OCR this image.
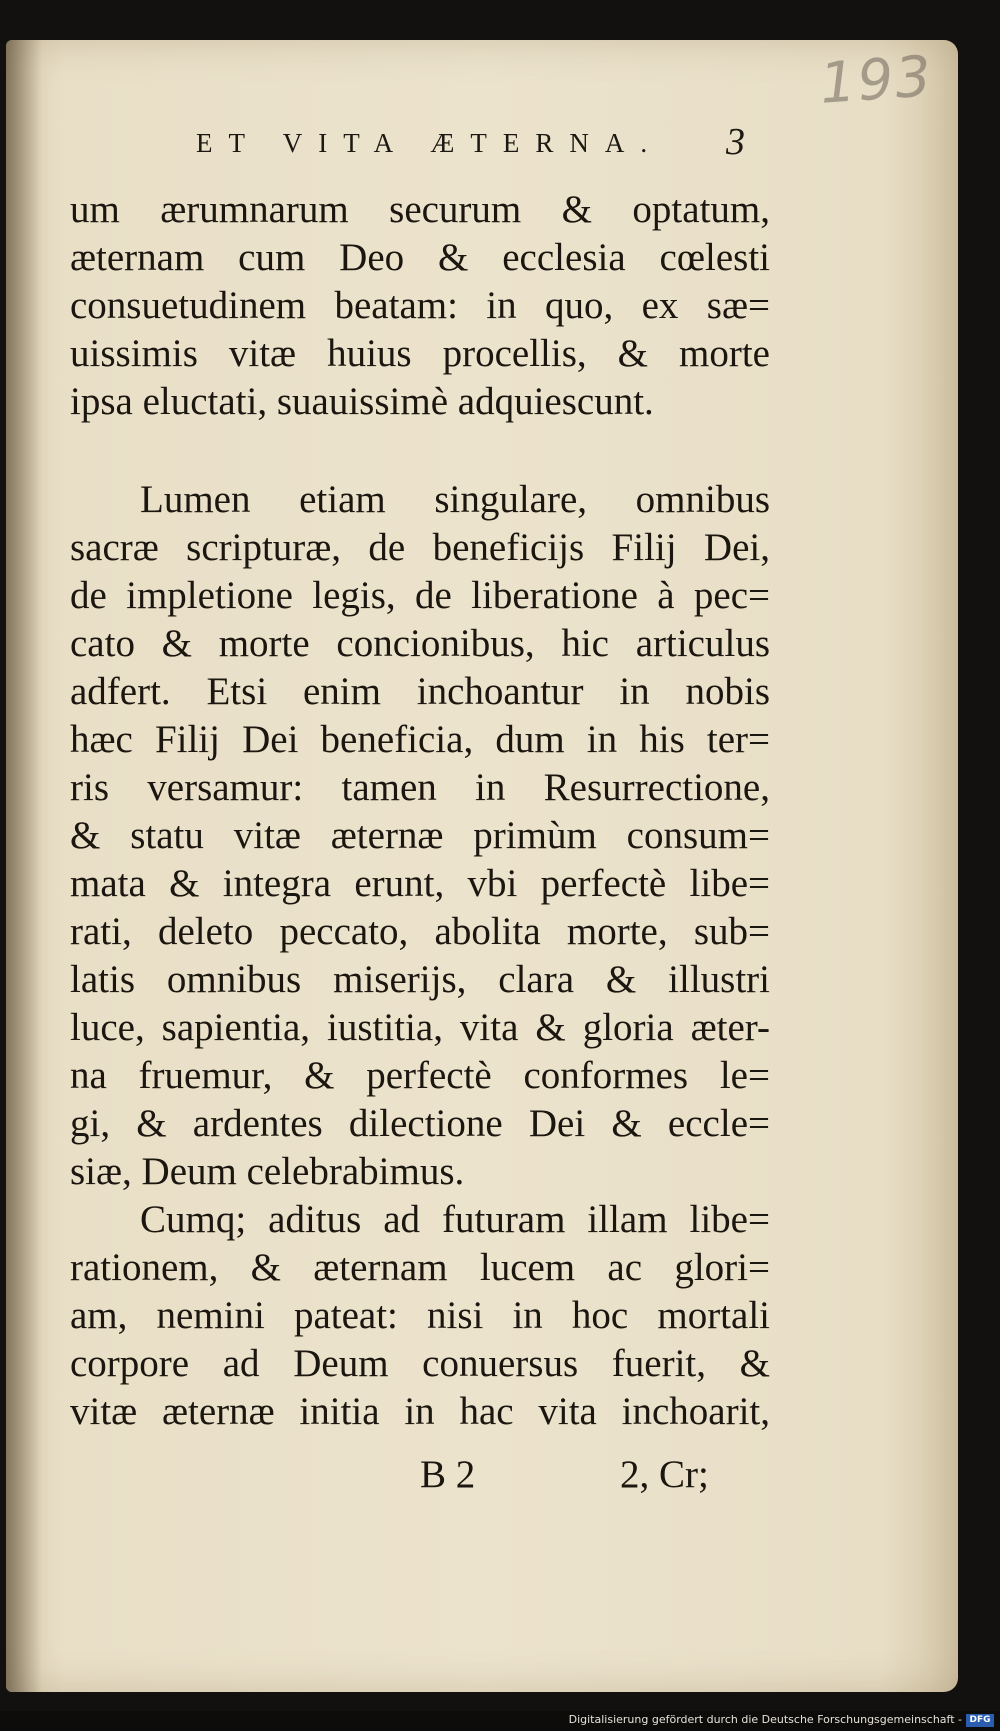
193
ET VITA ÆTERNA. 3
um ærumnarum securum & optatum,
æternam cum Deo & ecclesia cœlesti
consuetudinem beatam: in quo, ex sæ=
uissimis vitæ huius procellis, & morte
ipsa eluctati, suauissimè adquiescunt.
Lumen etiam singulare, omnibus
sacræ scripturæ, de beneficijs Filij Dei,
de impletione legis, de liberatione à pec=
cato & morte concionibus, hic articulus
adfert. Etsi enim inchoantur in nobis
hæc Filij Dei beneficia, dum in his ter=
ris versamur: tamen in Resurrectione,
& statu vitæ æternæ primùm consum=
mata & integra erunt, vbi perfectè libe=
rati, deleto peccato, abolita morte, sub=
latis omnibus miserijs, clara & illustri
luce, sapientia, iustitia, vita & gloria æter-
na fruemur, & perfectè conformes le=
gi, & ardentes dilectione Dei & eccle=
siæ, Deum celebrabimus.
Cumq; aditus ad futuram illam libe=
rationem, & æternam lucem ac glori=
am, nemini pateat: nisi in hoc mortali
corpore ad Deum conuersus fuerit, &
vitæ æternæ initia in hac vita inchoarit,
B 2	2, Cr;
Digitalisierung gefördert durch die Deutsche Forschungsgemeinschaft - DFG
